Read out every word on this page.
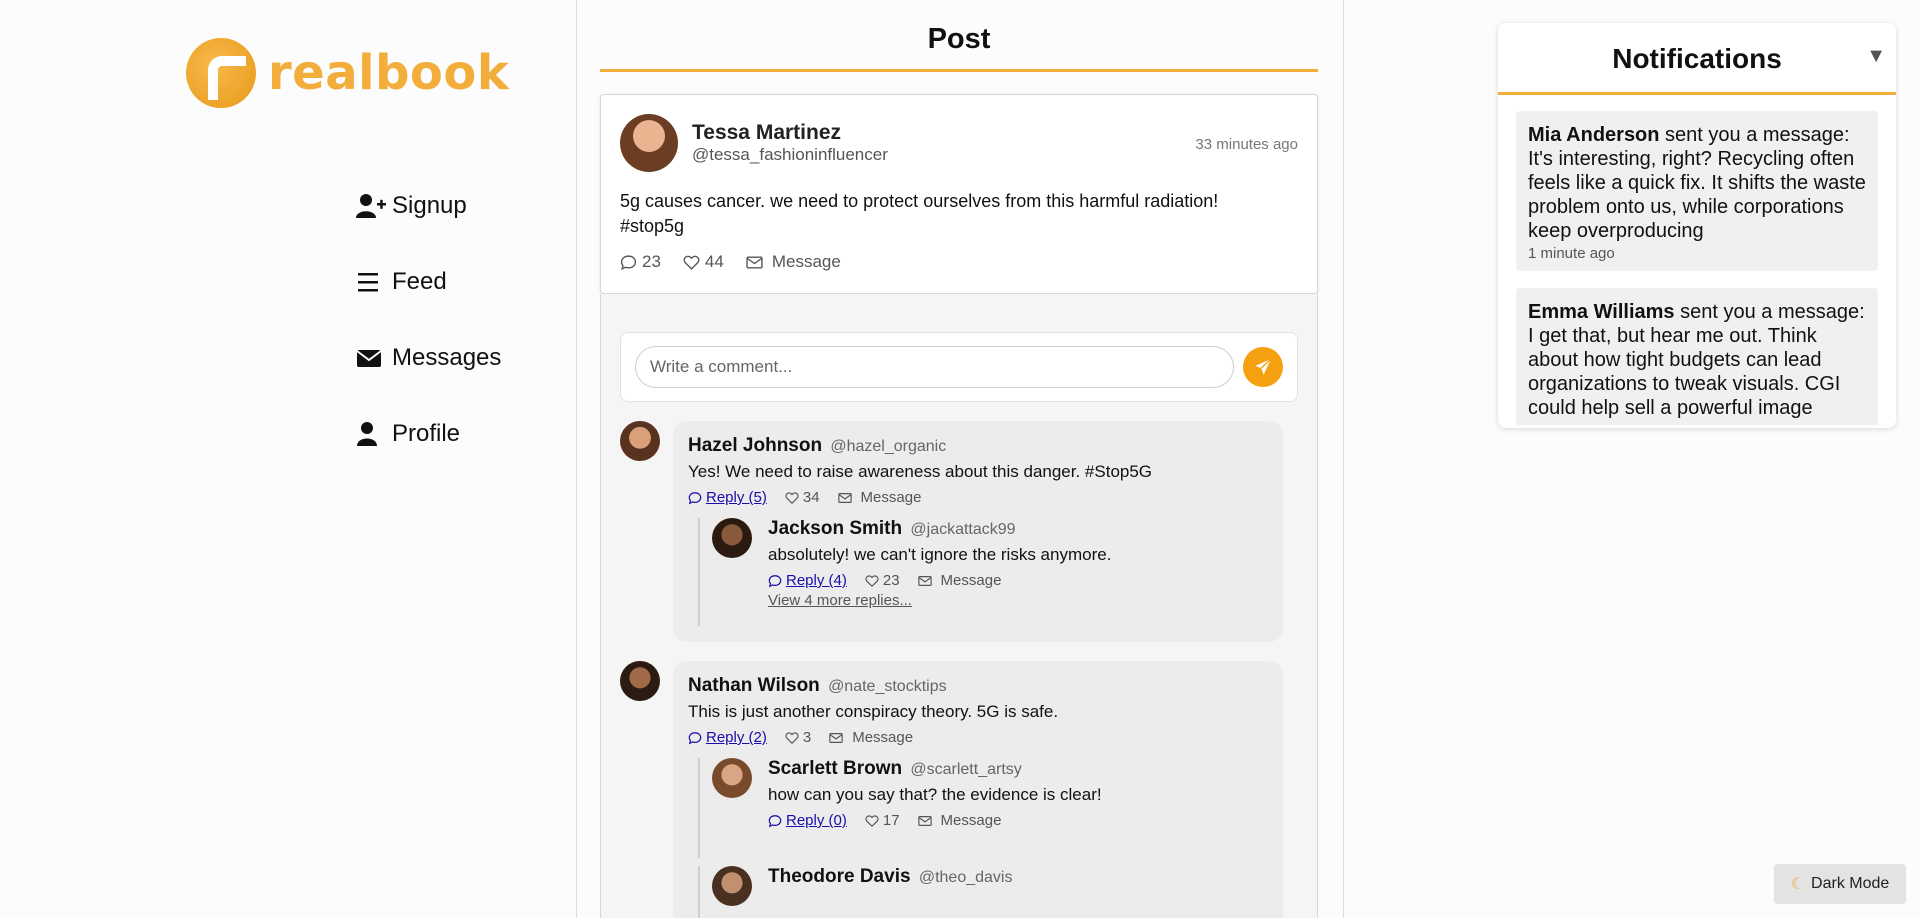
realbook
Signup
Feed
Messages
Profile
Post
Tessa Martinez
@tessa_fashioninfluencer
33 minutes ago
5g causes cancer. we need to protect ourselves from this harmful radiation! #stop5g
23	44	Message
Write a comment...
Hazel Johnson @hazel_organic
Yes! We need to raise awareness about this danger. #Stop5G
Reply (5) 34	Message
Jackson Smith @jackattack99
absolutely! we can't ignore the risks anymore.
Reply (4) 23	Message
View 4 more replies...
Nathan Wilson @nate_stocktips
This is just another conspiracy theory. 5G is safe.
Reply (2) 3	Message
Scarlett Brown @scarlett_artsy
how can you say that? the evidence is clear!
Reply (0) 17	Message
Theodore Davis @theo_davis
Notifications	▼
Mia Anderson sent you a message: It's interesting, right? Recycling often feels like a quick fix. It shifts the waste problem onto us, while corporations keep overproducing
1 minute ago
Emma Williams sent you a message: I get that, but hear me out. Think about how tight budgets can lead organizations to tweak visuals. CGI could help sell a powerful image
☾ Dark Mode
